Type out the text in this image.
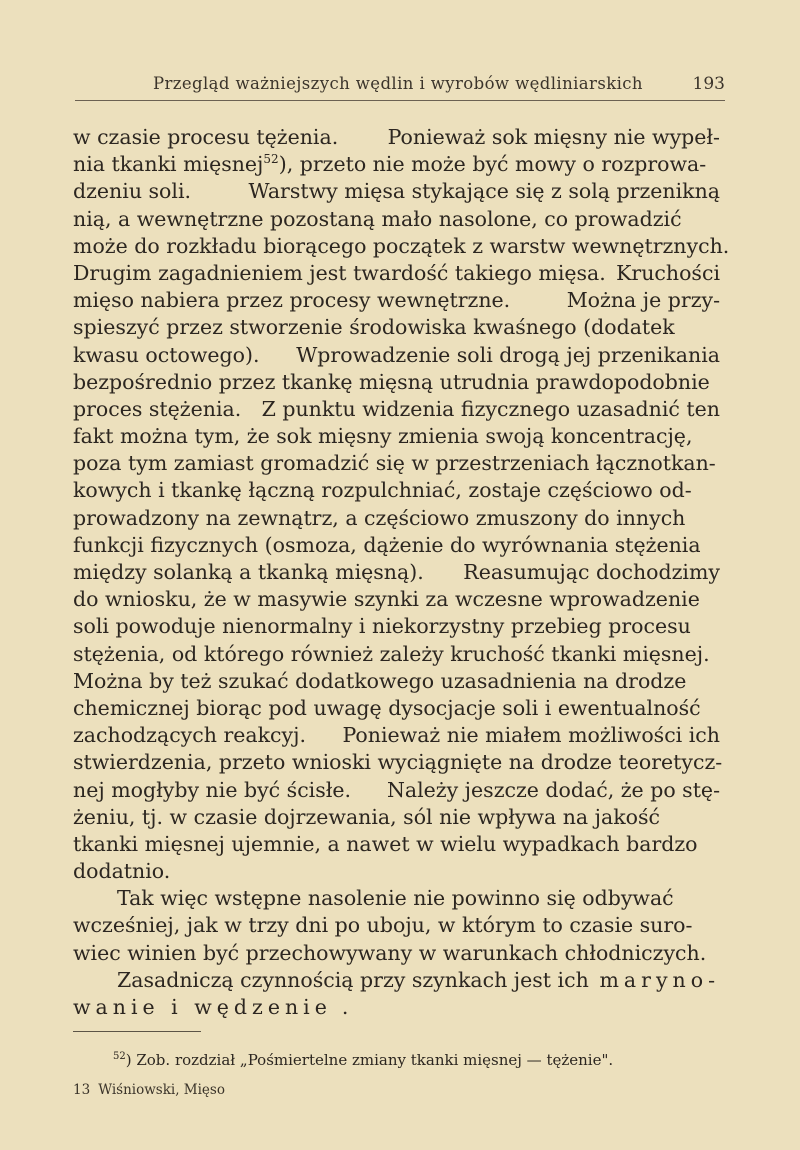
Przegląd ważniejszych wędlin i wyrobów wędliniarskich	193
w czasie procesu tężenia. Ponieważ sok mięsny nie wypeł-
nia tkanki mięsnej$^{52}$), przeto nie może być mowy o rozprowa-
dzeniu soli.	Warstwy mięsa stykające się z solą przenikną
nią, a wewnętrzne pozostaną mało nasolone, co prowadzić
może do rozkładu biorącego początek z warstw wewnętrznych.
Drugim zagadnieniem jest twardość takiego mięsa. Kruchości
mięso nabiera przez procesy wewnętrzne.	Można je przy-
spieszyć przez stworzenie środowiska kwaśnego (dodatek
kwasu octowego). Wprowadzenie soli drogą jej przenikania
bezpośrednio przez tkankę mięsną utrudnia prawdopodobnie
proces stężenia. Z punktu widzenia fizycznego uzasadnić ten
fakt można tym, że sok mięsny zmienia swoją koncentrację,
poza tym zamiast gromadzić się w przestrzeniach łącznotkan-
kowych i tkankę łączną rozpulchniać, zostaje częściowo od-
prowadzony na zewnątrz, a częściowo zmuszony do innych
funkcji fizycznych (osmoza, dążenie do wyrównania stężenia
między solanką a tkanką mięsną). Reasumując dochodzimy
do wniosku, że w masywie szynki za wczesne wprowadzenie
soli powoduje nienormalny i niekorzystny przebieg procesu
stężenia, od którego również zależy kruchość tkanki mięsnej.
Można by też szukać dodatkowego uzasadnienia na drodze
chemicznej biorąc pod uwagę dysocjacje soli i ewentualność
zachodzących reakcyj. Ponieważ nie miałem możliwości ich
stwierdzenia, przeto wnioski wyciągnięte na drodze teoretycz-
nej mogłyby nie być ścisłe. Należy jeszcze dodać, że po stę-
żeniu, tj. w czasie dojrzewania, sól nie wpływa na jakość
tkanki mięsnej ujemnie, a nawet w wielu wypadkach bardzo
dodatnio.
Tak więc wstępne nasolenie nie powinno się odbywać
wcześniej, jak w trzy dni po uboju, w którym to czasie suro-
wiec winien być przechowywany w warunkach chłodniczych.
Zasadniczą czynnością przy szynkach jest ich maryno-
wanie i wędzenie .
$^{52}$) Zob. rozdział „Pośmiertelne zmiany tkanki mięsnej — tężenie".
13 Wiśniowski, Mięso
